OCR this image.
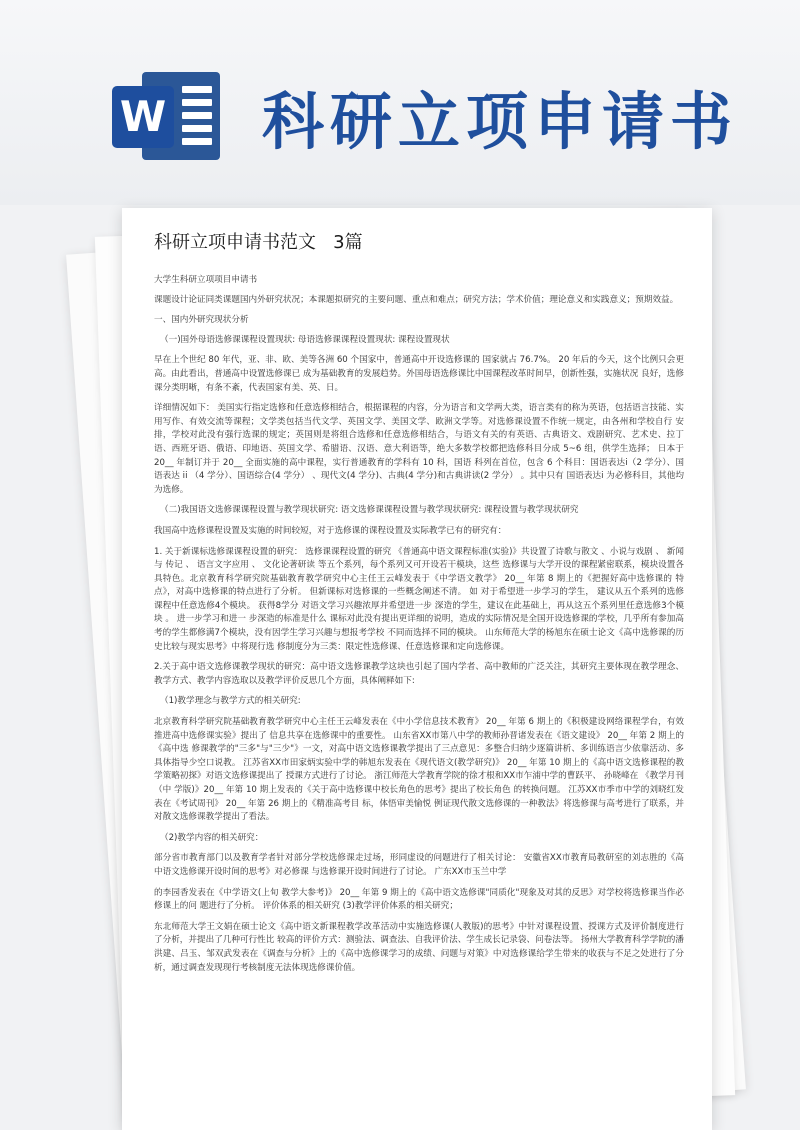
W 科研立项申请书
科研立项申请书范文   3篇
大学生科研立项项目申请书
课题设计论证同类课题国内外研究状况；本课题拟研究的主要问题、重点和难点；研究方法；学术价值；理论意义和实践意义；预期效益。
一、国内外研究现状分析
（一)国外母语选修课课程设置现状: 母语选修课课程设置现状: 课程设置现状
早在上个世纪 80 年代，亚、非、欧、美等各洲 60 个国家中，普通高中开设选修课的 国家就占 76.7%。 20 年后的今天，这个比例只会更高。由此看出，普通高中设置选修课已 成为基础教育的发展趋势。外国母语选修课比中国课程改革时间早，创新性强，实施状况 良好，选修课分类明晰，有条不紊，代表国家有美、英、日。
详细情况如下： 美国实行指定选修和任意选修相结合，根据课程的内容，分为语言和文学两大类，语言类有的称为英语，包括语言技能、实用写作、有效交流等课程；文学类包括当代文学、英国文学、美国文学、欧洲文学等。对选修课设置不作统一规定，由各州和学校自行 安排，学校对此没有强行选课的规定；英国则是将组合选修和任意选修相结合，与语文有关的有英语、古典语文、戏剧研究、艺术史、拉丁语、西班牙语、俄语、印地语、英国文学、希腊语、汉语、意大利语等，绝大多数学校都把选修科目分成 5~6 组，供学生选择； 日本于 20__ 年制订并于 20__ 全面实施的高中课程，实行普通教育的学科有 10 科，国语 科列在首位，包含 6 个科目：国语表达i（2 学分）、国语表达 ii （4 学分）、国语综合(4 学分） 、现代文(4 学分)、古典(4 学分)和古典讲读(2 学分） 。其中只有 国语表达i 为必修科目，其他均为选修。
（二)我国语文选修课课程设置与教学现状研究: 语文选修课课程设置与教学现状研究: 课程设置与教学现状研究
我国高中选修课程设置及实施的时间较短，对于选修课的课程设置及实际教学已有的研究有：
1. 关于新课标选修课课程设置的研究： 选修课课程设置的研究 《普通高中语文课程标准(实验)》共设置了诗歌与散文 、小说与戏剧 、 新闻与 传记 、 语言文字应用 、 文化论著研读 等五个系列，每个系列又可开设若干模块，这些 选修课与大学开设的课程紧密联系，模块设置各具特色。北京教育科学研究院基础教育教学研究中心主任王云峰发表于《中学语文教学》 20__ 年第 8 期上的《把握好高中选修课的 特点》，对高中选修课的特点进行了分析。 但新课标对选修课的一些概念阐述不清。 如 对于希望进一步学习的学生， 建议从五个系列的选修课程中任意选修4个模块。 获得8学分 对语文学习兴趣浓厚并希望进一步 深造的学生，建议在此基础上，再从这五个系列里任意选修3个模块 。 进一步学习和进一 步深造的标准是什么 课标对此没有提出更详细的说明，造成的实际情况是全国开设选修课的学校，几乎所有参加高考的学生都修满7个模块，没有因学生学习兴趣与想报考学校 不同而选择不同的模块。 山东师范大学的杨旭东在硕士论文《高中选修课的历史比较与现实思考》中将现行选 修制度分为三类：限定性选修课、任意选修课和定向选修课。
2.关于高中语文选修课教学现状的研究：高中语文选修课教学这块也引起了国内学者、高中教师的广泛关注，其研究主要体现在教学理念、教学方式、教学内容选取以及教学评价反思几个方面，具体阐释如下:
（1)教学理念与教学方式的相关研究:
北京教育科学研究院基础教育教学研究中心主任王云峰发表在《中小学信息技术教育》 20__ 年第 6 期上的《积极建设网络课程学台，有效推进高中选修课实验》提出了 信息共享在选修课中的重要性。 山东省XX市第八中学的教师孙晋诸发表在《语文建设》 20__ 年第 2 期上的《高中选 修课教学的"三多"与"三少"》一文，对高中语文选修课教学提出了三点意见：多整合归纳少逐篇讲析、多训练语言少依靠活动、多具体指导少空口说教。 江苏省XX市田家炳实验中学的韩旭东发表在《现代语文(教学研究)》 20__ 年第 10 期上的《高中语文选修课程的教学策略初探》对语文选修课提出了 授课方式进行了讨论。 浙江师范大学教育学院的徐才根和XX市乍浦中学的曹跃平、 孙晓峰在 《教学月刊 （中 学版)》20__ 年第 10 期上发表的《关于高中选修课中校长角色的思考》提出了校长角色 的转换问题。 江苏XX市季市中学的刘晓红发表在《考试周刊》 20__ 年第 26 期上的《精准高考目 标，体悟审美愉悦 例证现代散文选修课的一种教法》将选修课与高考进行了联系，并对散文选修课教学提出了看法。
（2)教学内容的相关研究：
部分省市教育部门以及教育学者针对部分学校选修课走过场，形同虚设的问题进行了相关讨论： 安徽省XX市教育局教研室的刘志胜的《高中语文选修课开设时间的思考》对必修课 与选修课开设时间进行了讨论。 广东XX市玉兰中学
的李园香发表在《中学语文(上旬 教学大参考)》 20__ 年第 9 期上的《高中语文选修课"同质化"现象及对其的反思》对学校将选修课当作必修课上的问 题进行了分析。 评价体系的相关研究 (3)教学评价体系的相关研究；
东北师范大学王文娟在硕士论文《高中语文新课程教学改革活动中实施选修课(人教版)的思考》中针对课程设置、授课方式及评价制度进行了分析，并提出了几种可行性比 较高的评价方式：测验法、调查法、自我评价法、学生成长记录袋、问卷法等。 扬州大学教育科学学院的潘洪建、吕玉、邹双武发表在《调查与分析》上的《高中选修课学习的成绩、问题与对策》中对选修课给学生带来的收获与不足之处进行了分析，通过调查发现现行考核制度无法体现选修课价值。
